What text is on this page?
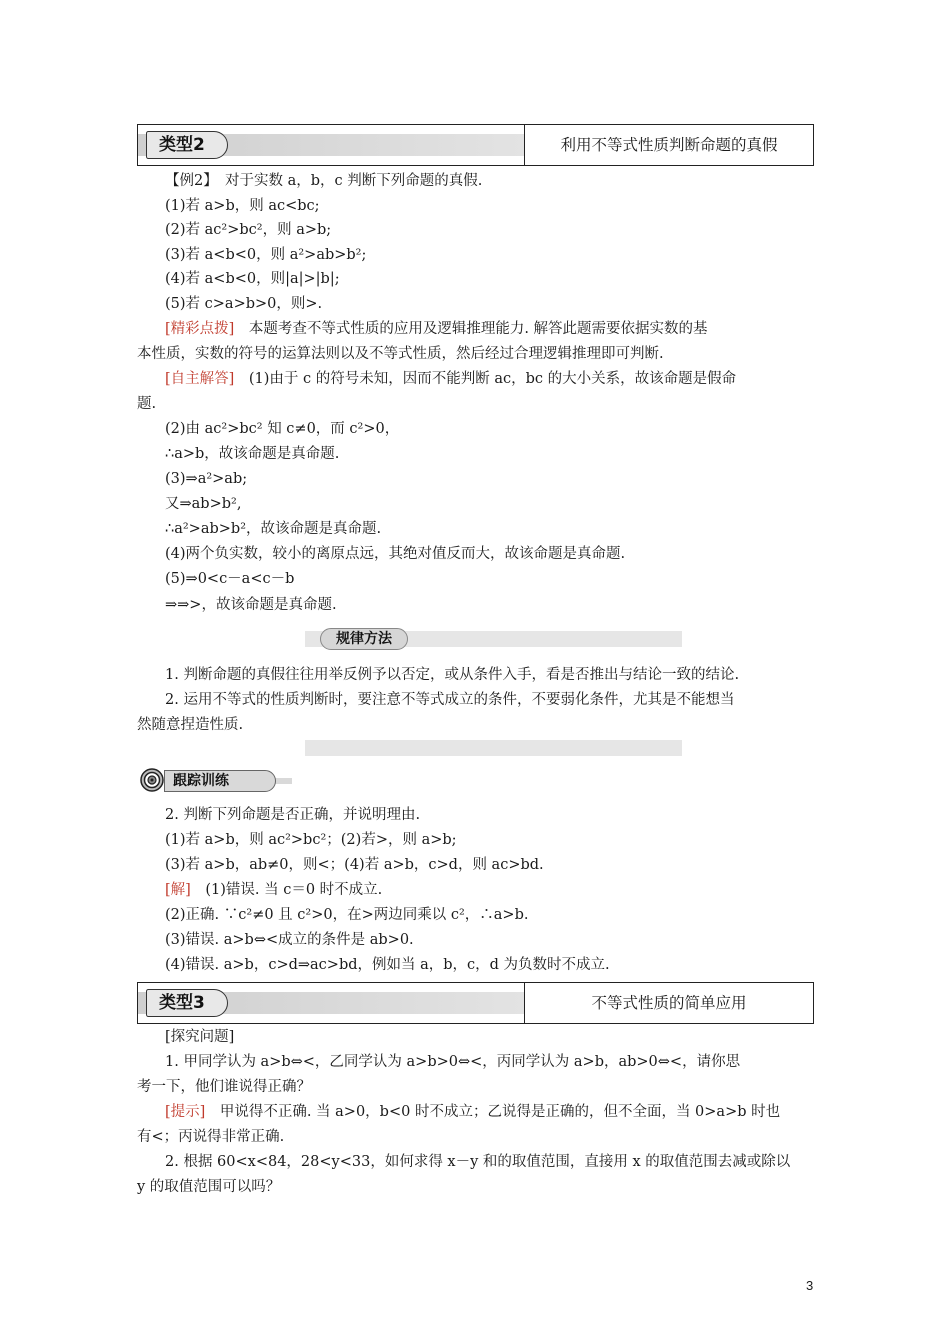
类型2	利用不等式性质判断命题的真假
【例2】　对于实数 a，b，c 判断下列命题的真假.
(1)若 a>b，则 ac<bc;
(2)若 ac²>bc²，则 a>b;
(3)若 a<b<0，则 a²>ab>b²;
(4)若 a<b<0，则|a|>|b|;
(5)若 c>a>b>0，则>.
[精彩点拨]　本题考查不等式性质的应用及逻辑推理能力. 解答此题需要依据实数的基
本性质，实数的符号的运算法则以及不等式性质，然后经过合理逻辑推理即可判断.
[自主解答]　(1)由于 c 的符号未知，因而不能判断 ac，bc 的大小关系，故该命题是假命
题.
(2)由 ac²>bc² 知 c≠0，而 c²>0，
∴a>b，故该命题是真命题.
(3)⇒a²>ab;
又⇒ab>b²,
∴a²>ab>b²，故该命题是真命题.
(4)两个负实数，较小的离原点远，其绝对值反而大，故该命题是真命题.
(5)⇒0<c－a<c－b
⇒⇒>，故该命题是真命题.
规律方法
1. 判断命题的真假往往用举反例予以否定，或从条件入手，看是否推出与结论一致的结论.
2. 运用不等式的性质判断时，要注意不等式成立的条件，不要弱化条件，尤其是不能想当
然随意捏造性质.
跟踪训练
2. 判断下列命题是否正确，并说明理由.
(1)若 a>b，则 ac²>bc²；(2)若>，则 a>b;
(3)若 a>b，ab≠0，则<；(4)若 a>b，c>d，则 ac>bd.
[解]　(1)错误. 当 c＝0 时不成立.
(2)正确. ∵c²≠0 且 c²>0，在>两边同乘以 c²，∴a>b.
(3)错误. a>b⇔<成立的条件是 ab>0.
(4)错误. a>b，c>d⇒ac>bd，例如当 a，b，c，d 为负数时不成立.
类型3	不等式性质的简单应用
[探究问题]
1. 甲同学认为 a>b⇔<，乙同学认为 a>b>0⇔<，丙同学认为 a>b，ab>0⇔<，请你思
考一下，他们谁说得正确？
[提示]　甲说得不正确. 当 a>0，b<0 时不成立；乙说得是正确的，但不全面，当 0>a>b 时也
有<；丙说得非常正确.
2. 根据 60<x<84，28<y<33，如何求得 x－y 和的取值范围，直接用 x 的取值范围去减或除以
y 的取值范围可以吗？
3
